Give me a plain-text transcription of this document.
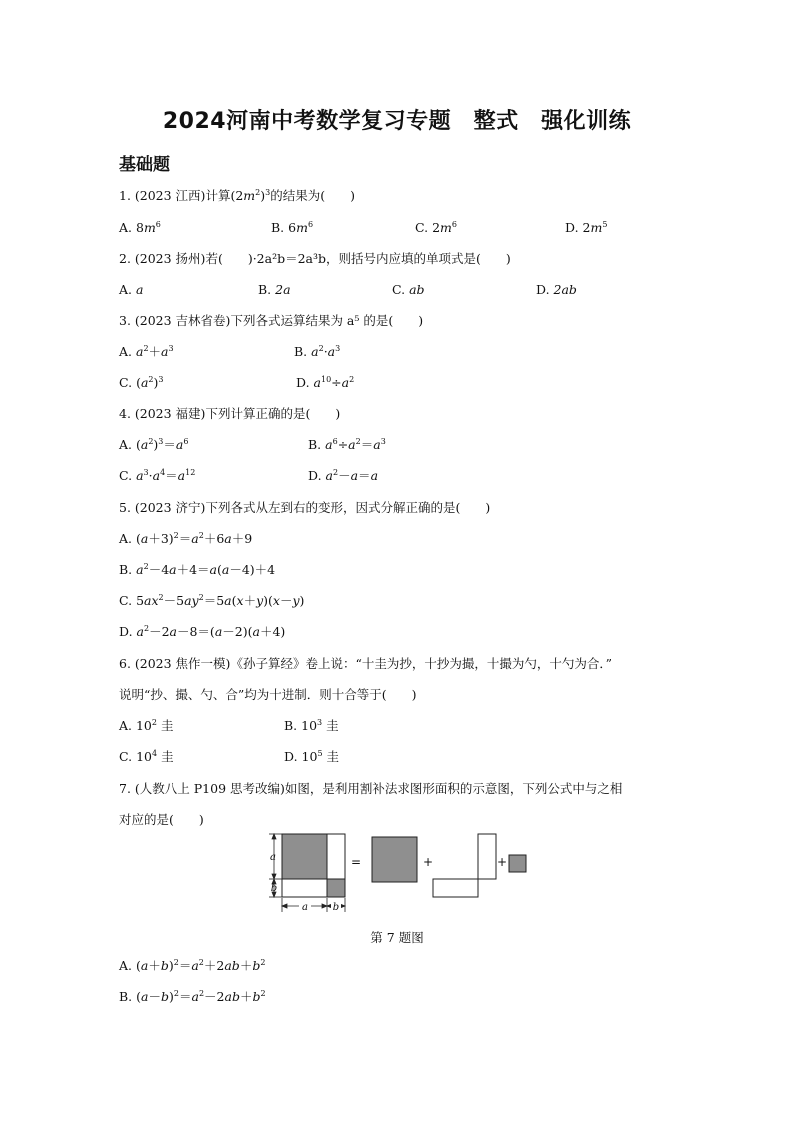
2024河南中考数学复习专题　整式　强化训练
基础题
1. (2023 江西)计算$(2m^2)^3$的结果为(　　)
A. $8m^6$	B. $6m^6$	C. $2m^6$	D. $2m^5$
2. (2023 扬州)若(　　)·2a²b＝2a³b，则括号内应填的单项式是(　　)
A. a	B. 2a	C. ab	D. 2ab
3. (2023 吉林省卷)下列各式运算结果为 a⁵ 的是(　　)
A. $a^2+a^3$	B. $a^2\cdot a^3$
C. $(a^2)^3$	D. $a^{10}\div a^2$
4. (2023 福建)下列计算正确的是(　　)
A. $(a^2)^3=a^6$	B. $a^6\div a^2=a^3$
C. $a^3\cdot a^4=a^{12}$	D. $a^2-a=a$
5. (2023 济宁)下列各式从左到右的变形，因式分解正确的是(　　)
A. $(a+3)^2=a^2+6a+9$
B. $a^2-4a+4=a(a-4)+4$
C. $5ax^2-5ay^2=5a(x+y)(x-y)$
D. $a^2-2a-8=(a-2)(a+4)$
6. (2023 焦作一模)《孙子算经》卷上说：“十圭为抄，十抄为撮，十撮为勺，十勺为合．”
说明“抄、撮、勺、合”均为十进制．则十合等于(　　)
A. $10^2$ 圭	B. $10^3$ 圭
C. $10^4$ 圭	D. $10^5$ 圭
7. (人教八上 P109 思考改编)如图，是利用割补法求图形面积的示意图，下列公式中与之相
对应的是(　　)
a
b
a b
=	+	+
第 7 题图
A. $(a+b)^2=a^2+2ab+b^2$
B. $(a-b)^2=a^2-2ab+b^2$
